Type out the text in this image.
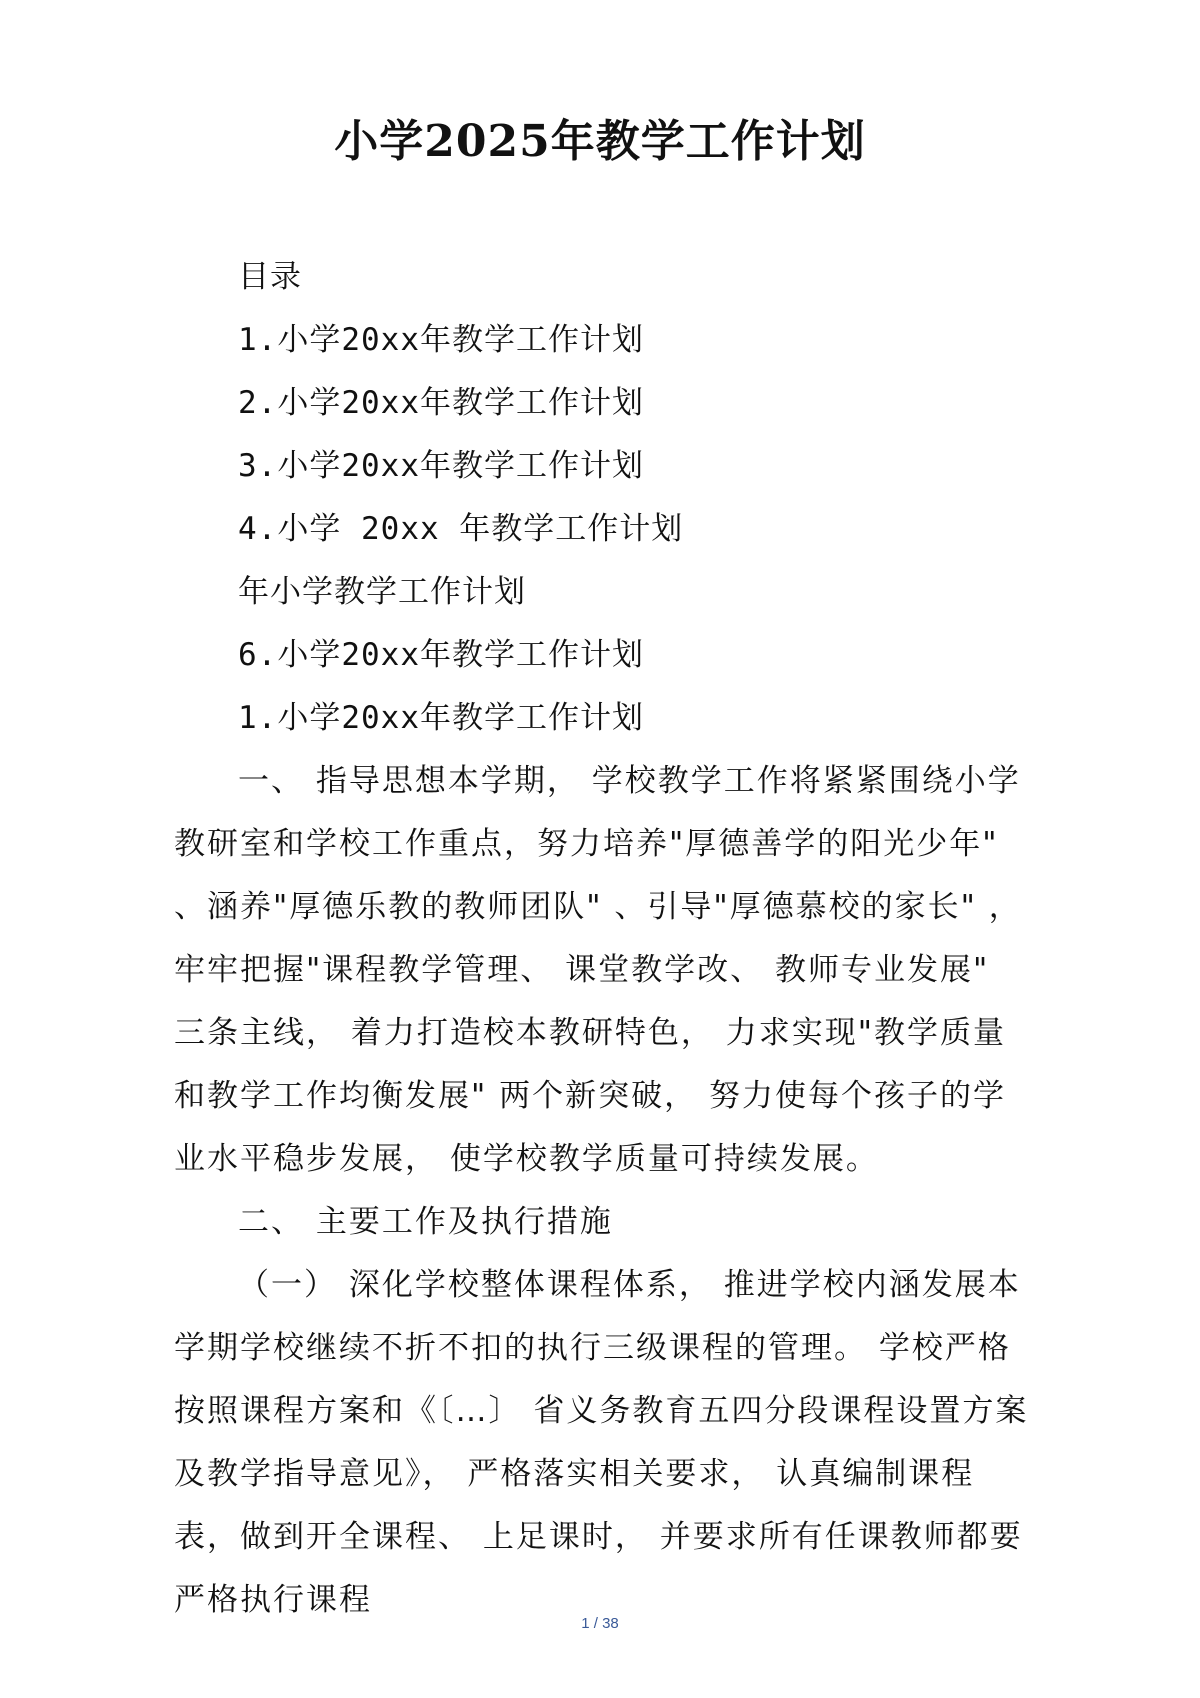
小学2025年教学工作计划
目录
1.小学20xx年教学工作计划
2.小学20xx年教学工作计划
3.小学20xx年教学工作计划
4.小学 20xx 年教学工作计划
年小学教学工作计划
6.小学20xx年教学工作计划
1.小学20xx年教学工作计划

一、 指导思想本学期， 学校教学工作将紧紧围绕小学教研室和学校工作重点，努力培养"厚德善学的阳光少年" 、涵养"厚德乐教的教师团队" 、引导"厚德慕校的家长" ， 牢牢把握"课程教学管理、 课堂教学改、 教师专业发展" 三条主线， 着力打造校本教研特色， 力求实现"教学质量和教学工作均衡发展" 两个新突破， 努力使每个孩子的学业水平稳步发展， 使学校教学质量可持续发展。

二、 主要工作及执行措施

（一） 深化学校整体课程体系， 推进学校内涵发展本学期学校继续不折不扣的执行三级课程的管理。 学校严格按照课程方案和《〔…〕 省义务教育五四分段课程设置方案及教学指导意见》， 严格落实相关要求， 认真编制课程表，做到开全课程、 上足课时， 并要求所有任课教师都要严格执行课程

1 / 38
